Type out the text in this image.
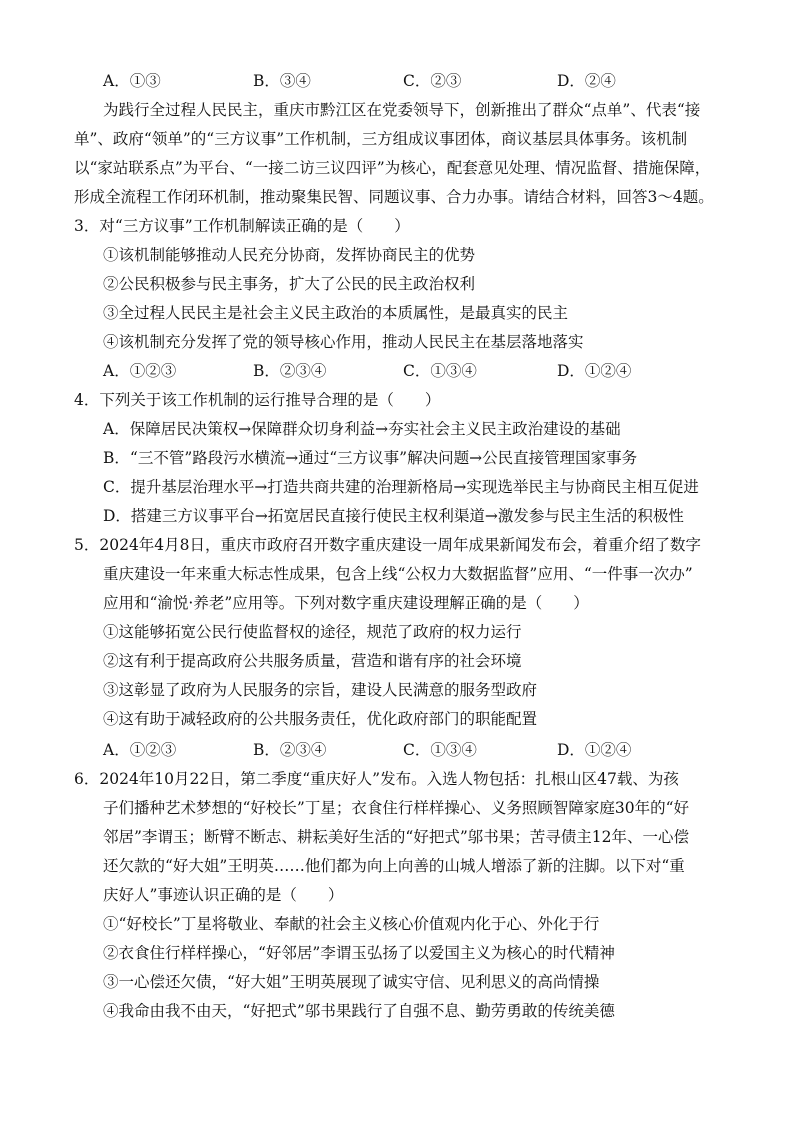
A．①③	B．③④	C．②③	D．②④
为践行全过程人民民主，重庆市黔江区在党委领导下，创新推出了群众“点单”、代表“接
单”、政府“领单”的“三方议事”工作机制，三方组成议事团体，商议基层具体事务。该机制
以“家站联系点”为平台、“一接二访三议四评”为核心，配套意见处理、情况监督、措施保障，
形成全流程工作闭环机制，推动聚集民智、同题议事、合力办事。请结合材料，回答3～4题。
3．对“三方议事”工作机制解读正确的是（　　）
①该机制能够推动人民充分协商，发挥协商民主的优势
②公民积极参与民主事务，扩大了公民的民主政治权利
③全过程人民民主是社会主义民主政治的本质属性，是最真实的民主
④该机制充分发挥了党的领导核心作用，推动人民民主在基层落地落实
A．①②③	B．②③④	C．①③④	D．①②④
4．下列关于该工作机制的运行推导合理的是（　　）
A．保障居民决策权→保障群众切身利益→夯实社会主义民主政治建设的基础
B．“三不管”路段污水横流→通过“三方议事”解决问题→公民直接管理国家事务
C．提升基层治理水平→打造共商共建的治理新格局→实现选举民主与协商民主相互促进
D．搭建三方议事平台→拓宽居民直接行使民主权利渠道→激发参与民主生活的积极性
5．2024年4月8日，重庆市政府召开数字重庆建设一周年成果新闻发布会，着重介绍了数字
重庆建设一年来重大标志性成果，包含上线“公权力大数据监督”应用、“一件事一次办”
应用和“渝悦·养老”应用等。下列对数字重庆建设理解正确的是（　　）
①这能够拓宽公民行使监督权的途径，规范了政府的权力运行
②这有利于提高政府公共服务质量，营造和谐有序的社会环境
③这彰显了政府为人民服务的宗旨，建设人民满意的服务型政府
④这有助于减轻政府的公共服务责任，优化政府部门的职能配置
A．①②③	B．②③④	C．①③④	D．①②④
6．2024年10月22日，第二季度“重庆好人”发布。入选人物包括：扎根山区47载、为孩
子们播种艺术梦想的“好校长”丁星；衣食住行样样操心、义务照顾智障家庭30年的“好
邻居”李谓玉；断臂不断志、耕耘美好生活的“好把式”邬书果；苦寻债主12年、一心偿
还欠款的“好大姐”王明英……他们都为向上向善的山城人增添了新的注脚。以下对“重
庆好人”事迹认识正确的是（　　）
①“好校长”丁星将敬业、奉献的社会主义核心价值观内化于心、外化于行
②衣食住行样样操心，“好邻居”李谓玉弘扬了以爱国主义为核心的时代精神
③一心偿还欠债，“好大姐”王明英展现了诚实守信、见利思义的高尚情操
④我命由我不由天，“好把式”邬书果践行了自强不息、勤劳勇敢的传统美德
